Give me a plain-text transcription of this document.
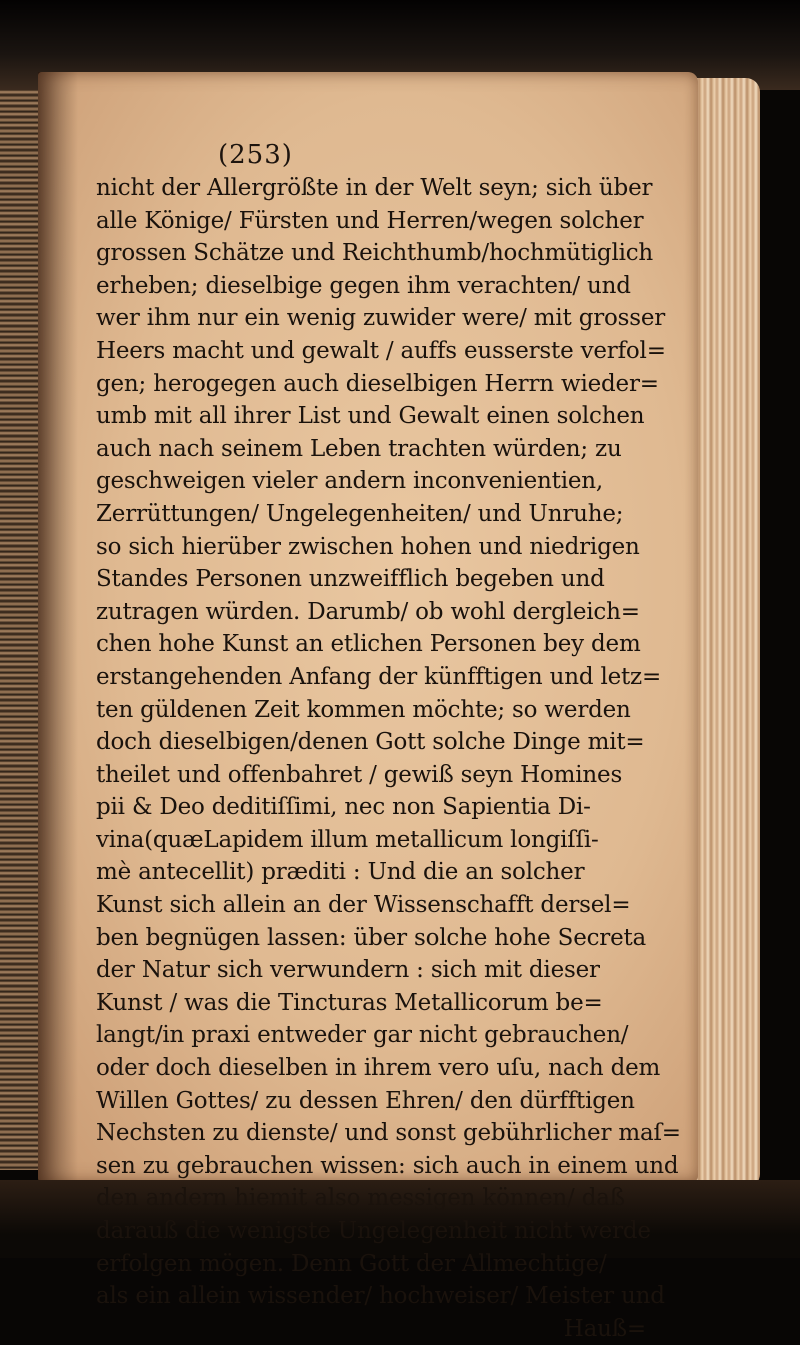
(253)
nicht der Allergrößte in der Welt seyn; sich über
alle Könige/ Fürsten und Herren/wegen solcher
grossen Schätze und Reichthumb/hochmütiglich
erheben; dieselbige gegen ihm verachten/ und
wer ihm nur ein wenig zuwider were/ mit grosser
Heers macht und gewalt / auffs eusserste verfol=
gen; herogegen auch dieselbigen Herrn wieder=
umb mit all ihrer List und Gewalt einen solchen
auch nach seinem Leben trachten würden; zu
geschweigen vieler andern inconvenientien,
Zerrüttungen/ Ungelegenheiten/ und Unruhe;
so sich hierüber zwischen hohen und niedrigen
Standes Personen unzweifflich begeben und
zutragen würden. Darumb/ ob wohl dergleich=
chen hohe Kunst an etlichen Personen bey dem
erstangehenden Anfang der künfftigen und letz=
ten güldenen Zeit kommen möchte; so werden
doch dieselbigen/denen Gott solche Dinge mit=
theilet und offenbahret / gewiß seyn Homines
pii & Deo deditiſſimi, nec non Sapientia Di-
vina(quæLapidem illum metallicum longiſſi-
mè antecellit) præditi : Und die an solcher
Kunst sich allein an der Wissenschafft dersel=
ben begnügen lassen: über solche hohe Secreta
der Natur sich verwundern : sich mit dieser
Kunst / was die Tincturas Metallicorum be=
langt/in praxi entweder gar nicht gebrauchen/
oder doch dieselben in ihrem vero uſu, nach dem
Willen Gottes/ zu dessen Ehren/ den dürfftigen
Nechsten zu dienste/ und sonst gebührlicher maſ=
sen zu gebrauchen wissen: sich auch in einem und
den andern hiemit also messigen können/ daß
darauß die wenigste Ungelegenheit nicht werde
erfolgen mögen. Denn Gott der Allmechtige/
als ein allein wissender/ hochweiser/ Meister und
Hauß=
